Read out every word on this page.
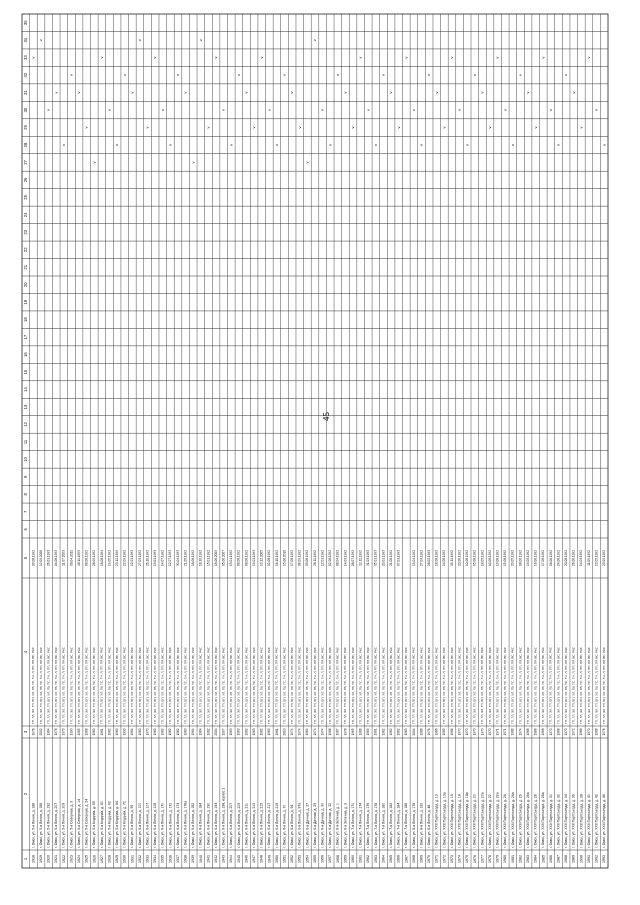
45
1
2
3
4
5
6
7
8
9
10
11
12
13
14
15
16
17
18
19
20
21
22
23
24
25
26
27
28
29
30
31
32
33
34
35
1918
г. Омск, ул. 5-я Линия, д. 186
1976
ТП, ТЛ, ЭЛ, ТП, БП, ХЛ, ГВ, ТС, ТН, Л, ПП, ПР, ВС, РКС
03.06.1992
v
1919
г. Омск, ул. 5-я Линия, д. 188
2002
ТП, ТЛ, ЭЛ, ТП, БП, ХЛ, ГВ, ТС, ТН, Л, ПП, ПР, ВС, РКС
12.09.2006
v
1920
г. Омск, ул. 5-я Линия, д. 192
1964
ТП, ТЛ, ЭЛ, ТП, БП, ХЛ, ГВ, ТС, ТН, Л, ПП, ПР, ВС, РКС
26.01.1993
v
1921
г. Омск, ул. 5-я Линия, д. 207
1976
ТП, ТЛ, ЭЛ, ТП, БП, ХЛ, ГВ, ТС, ТН, Л, ПП, ПР, ВС, РКС
04.08.1993
v
1922
г. Омск, ул. 5-я Линия, д. 209
1973
ТП, ТЛ, ЭЛ, ТП, БП, ХЛ, ГВ, ТС, ТН, Л, ПП, ПР, ВС, РКС
11.07.2003
v
1923
г. Омск, ул. 5-я Северная, д. 3
1990
ТП, ТЛ, ЭЛ, ТП, БП, ХЛ, ГВ, ТС, ТН, Л, ПП, ПР, ВС, РКС
06.04.2011
v
1924
г. Омск, ул. 5-я Северная, д. 14
1985
ТП, ТЛ, ЭЛ, ТП, БП, ХЛ, ГВ, ТС, ТН, Л, ПП, ПР, ВС, РКС
16.11.1993
v
1925
г. Омск, ул. 5-я Северная, д. 24
1968
ТП, ТЛ, ЭЛ, ТП, БП, ХЛ, ГВ, ТС, ТН, Л, ПП, ПР, ВС, РКС
08.06.1992
v
1926
г. Омск, ул. 5-я Кордная, д. 5б
1960
ТП, ТЛ, ЭЛ, ТП, БП, ХЛ, ГВ, ТС, ТН, Л, ПП, ПР, ВС, РКС
28.09.1992
v
1927
г. Омск, ул. 5-я Кордная, д. 60
1961
ТП, ТЛ, ЭЛ, ТП, БП, ХЛ, ГВ, ТС, ТН, Л, ПП, ПР, ВС, РКС
18.08.1994
v
1928
г. Омск, ул. 5-я Кордная, д. 62
1962
ТП, ТЛ, ЭЛ, ТП, БП, ХЛ, ГВ, ТС, ТН, Л, ПП, ПР, ВС, РКС
19.05.1992
v
1929
г. Омск, ул. 5-я Кордная, д. 64
1963
ТП, ТЛ, ЭЛ, ТП, БП, ХЛ, ГВ, ТС, ТН, Л, ПП, ПР, ВС, РКС
23.12.1999
v
1930
г. Омск, ул. 5-я Кордная, д. 72
1990
ТП, ТЛ, ЭЛ, ТП, БП, ХЛ, ГВ, ТС, ТН, Л, ПП, ПР, ВС, РКС
22.09.1992
v
1931
г. Омск, ул. 5-я Линия, д. 95
1964
ТП, ТЛ, ЭЛ, ТП, БП, ХЛ, ГВ, ТС, ТН, Л, ПП, ПР, ВС, РКС
12.01.1993
v
1932
г. Омск, ул. 6-я Линия, д. 100
1960
ТП, ТЛ, ЭЛ, ТП, БП, ХЛ, ГВ, ТС, ТН, Л, ПП, ПР, ВС, РКС
27.03.1992
v
1933
г. Омск, ул. 6-я Линия, д. 107
1970
ТП, ТЛ, ЭЛ, ТП, БП, ХЛ, ГВ, ТС, ТН, Л, ПП, ПР, ВС, РКС
26.10.1992
v
1934
г. Омск, ул. 6-я Линия, д. 108
1960
ТП, ТЛ, ЭЛ, ТП, БП, ХЛ, ГВ, ТС, ТН, Л, ПП, ПР, ВС, РКС
13.01.1993
v
1935
г. Омск, ул. 6-я Линия, д. 170
1962
ТП, ТЛ, ЭЛ, ТП, БП, ХЛ, ГВ, ТС, ТН, Л, ПП, ПР, ВС, РКС
14.07.1992
v
1936
г. Омск, ул. 6-я Линия, д. 172
1962
ТП, ТЛ, ЭЛ, ТП, БП, ХЛ, ГВ, ТС, ТН, Л, ПП, ПР, ВС, РКС
12.07.1993
v
1937
г. Омск, ул. 6-я Линия, д. 174
1962
ТП, ТЛ, ЭЛ, ТП, БП, ХЛ, ГВ, ТС, ТН, Л, ПП, ПР, ВС, РКС
30.04.1993
v
1938
г. Омск, ул. 6-я Линия, д. 176а
1963
ТП, ТЛ, ЭЛ, ТП, БП, ХЛ, ГВ, ТС, ТН, Л, ПП, ПР, ВС, РКС
21.05.1992
v
1939
г. Омск, ул. 6-я Линия, д. 182
1964
ТП, ТЛ, ЭЛ, ТП, БП, ХЛ, ГВ, ТС, ТН, Л, ПП, ПР, ВС, РКС
18.08.1992
v
1940
г. Омск, ул. 6-я Линия, д. 184
1964
ТП, ТЛ, ЭЛ, ТП, БП, ХЛ, ГВ, ТС, ТН, Л, ПП, ПР, ВС, РКС
18.10.1992
v
1941
г. Омск, ул. 6-я Линия, д. 190
1962
ТП, ТЛ, ЭЛ, ТП, БП, ХЛ, ГВ, ТС, ТН, Л, ПП, ПР, ВС, РКС
15.01.1992
v
1942
г. Омск, ул. 6-я Линия, д. 194
2004
ТП, ТЛ, ЭЛ, ТП, БП, ХЛ, ГВ, ТС, ТН, Л, ПП, ПР, ВС, РКС
18.06.2009
v
1943
г. Омск, ул. 6-я Линия, д. 198, корпус 2
1997
ТП, ТЛ, ЭЛ, ТП, БП, ХЛ, ГВ, ТС, ТН, Л, ПП, ПР, ВС, РКС
05.06.2007
v
1944
г. Омск, ул. 6-я Линия, д. 207
1963
ТП, ТЛ, ЭЛ, ТП, БП, ХЛ, ГВ, ТС, ТН, Л, ПП, ПР, ВС, РКС
13.01.1992
v
1945
г. Омск, ул. 6-я Линия, д. 209
1963
ТП, ТЛ, ЭЛ, ТП, БП, ХЛ, ГВ, ТС, ТН, Л, ПП, ПР, ВС, РКС
08.06.1992
v
1946
г. Омск, ул. 6-я Линия, д. 211
1962
ТП, ТЛ, ЭЛ, ТП, БП, ХЛ, ГВ, ТС, ТН, Л, ПП, ПР, ВС, РКС
08.06.1992
v
1947
г. Омск, ул. 6-я Линия, д. 213
1963
ТП, ТЛ, ЭЛ, ТП, БП, ХЛ, ГВ, ТС, ТН, Л, ПП, ПР, ВС, РКС
19.01.1993
v
1948
г. Омск, ул. 6-я Линия, д. 215
1962
ТП, ТЛ, ЭЛ, ТП, БП, ХЛ, ГВ, ТС, ТН, Л, ПП, ПР, ВС, РКС
13.12.2005
v
1949
г. Омск, ул. 6-я Линия, д. 217
1963
ТП, ТЛ, ЭЛ, ТП, БП, ХЛ, ГВ, ТС, ТН, Л, ПП, ПР, ВС, РКС
02.08.1992
v
1950
г. Омск, ул. 6-я Линия, д. 219
1961
ТП, ТЛ, ЭЛ, ТП, БП, ХЛ, ГВ, ТС, ТН, Л, ПП, ПР, ВС, РКС
16.10.1992
v
1951
г. Омск, ул. 6-я Линия, д. 70
2010
ТП, ТЛ, ЭЛ, ТП, БП, ХЛ, ГВ, ТС, ТН, Л, ПП, ПР, ВС, РКС
15.06.2010
v
1952
г. Омск, ул. 6-я Линия, д. 94
1974
ТП, ТЛ, ЭЛ, ТП, БП, ХЛ, ГВ, ТС, ТН, Л, ПП, ПР, ВС, РКС
17.08.1992
v
1953
г. Омск, ул. 6-я Линия, д. 97а
1974
ТП, ТЛ, ЭЛ, ТП, БП, ХЛ, ГВ, ТС, ТН, Л, ПП, ПР, ВС, РКС
08.09.1992
v
1954
г. Омск, ул. 6-я Дачная, д. 27
1964
ТП, ТЛ, ЭЛ, ТП, БП, ХЛ, ГВ, ТС, ТН, Л, ПП, ПР, ВС, РКС
03.08.1992
v
1955
г. Омск, ул. 6-я Дачная, д. 29
1974
ТП, ТЛ, ЭЛ, ТП, БП, ХЛ, ГВ, ТС, ТН, Л, ПП, ПР, ВС, РКС
26.11.1992
v
1956
г. Омск, ул. 6-я Дачная, д. 30
1974
ТП, ТЛ, ЭЛ, ТП, БП, ХЛ, ГВ, ТС, ТН, Л, ПП, ПР, ВС, РКС
12.01.1992
v
1957
г. Омск, ул. 6-я Дачная, д. 32
1966
ТП, ТЛ, ЭЛ, ТП, БП, ХЛ, ГВ, ТС, ТН, Л, ПП, ПР, ВС, РКС
02.06.1992
v
1958
г. Омск, ул. 6-я Зеленая, д. 1
1967
ТП, ТЛ, ЭЛ, ТП, БП, ХЛ, ГВ, ТС, ТН, Л, ПП, ПР, ВС, РКС
08.04.1992
v
1959
г. Омск, ул. 6-я Зеленая, д. 3
1978
ТП, ТЛ, ЭЛ, ТП, БП, ХЛ, ГВ, ТС, ТН, Л, ПП, ПР, ВС, РКС
14.03.1992
v
1960
г. Омск, ул. 7-я Линия, д. 170
1965
ТП, ТЛ, ЭЛ, ТП, БП, ХЛ, ГВ, ТС, ТН, Л, ПП, ПР, ВС, РКС
08.07.1992
v
1961
г. Омск, ул. 7-я Линия, д. 174
1968
ТП, ТЛ, ЭЛ, ТП, БП, ХЛ, ГВ, ТС, ТН, Л, ПП, ПР, ВС, РКС
12.11.1992
v
1962
г. Омск, ул. 7-я Линия, д. 176
1963
ТП, ТЛ, ЭЛ, ТП, БП, ХЛ, ГВ, ТС, ТН, Л, ПП, ПР, ВС, РКС
31.03.1993
v
1963
г. Омск, ул. 7-я Линия, д. 178
1961
ТП, ТЛ, ЭЛ, ТП, БП, ХЛ, ГВ, ТС, ТН, Л, ПП, ПР, ВС, РКС
05.01.1993
v
1964
г. Омск, ул. 7-я Линия, д. 180
1962
ТП, ТЛ, ЭЛ, ТП, БП, ХЛ, ГВ, ТС, ТН, Л, ПП, ПР, ВС, РКС
20.01.1993
v
1965
г. Омск, ул. 7-я Линия, д. 182
1962
ТП, ТЛ, ЭЛ, ТП, БП, ХЛ, ГВ, ТС, ТН, Л, ПП, ПР, ВС, РКС
21.08.1992
v
1966
г. Омск, ул. 7-я Линия, д. 184
1962
ТП, ТЛ, ЭЛ, ТП, БП, ХЛ, ГВ, ТС, ТН, Л, ПП, ПР, ВС, РКС
07.01.1993
v
1967
г. Омск, ул. 7-я Линия, д. 186
1963
ТП, ТЛ, ЭЛ, ТП, БП, ХЛ, ГВ, ТС, ТН, Л, ПП, ПР, ВС, РКС
v
1968
г. Омск, ул. 8-я Линия, д. 178
2004
ТП, ТЛ, ЭЛ, ТП, БП, ХЛ, ГВ, ТС, ТН, Л, ПП, ПР, ВС, РКС
13.04.1992
v
1969
г. Омск, ул. 8-я Линия, д. 192
1988
ТП, ТЛ, ЭЛ, ТП, БП, ХЛ, ГВ, ТС, ТН, Л, ПП, ПР, ВС, РКС
27.03.1992
v
1970
г. Омск, ул. 8-я Линия, д. 48
1976
ТП, ТЛ, ЭЛ, ТП, БП, ХЛ, ГВ, ТС, ТН, Л, ПП, ПР, ВС, РКС
28.02.1993
v
1971
г. Омск, ул. XXII Партсъезда, д. 13
1966
ТП, ТЛ, ЭЛ, ТП, БП, ХЛ, ГВ, ТС, ТН, Л, ПП, ПР, ВС, РКС
18.08.1992
v
1972
г. Омск, ул. XXII Партсъезда, д. 13а
1985
ТП, ТЛ, ЭЛ, ТП, БП, ХЛ, ГВ, ТС, ТН, Л, ПП, ПР, ВС, РКС
14.06.1992
v
1973
г. Омск, ул. XXII Партсъезда, д. 16
1966
ТП, ТЛ, ЭЛ, ТП, БП, ХЛ, ГВ, ТС, ТН, Л, ПП, ПР, ВС, РКС
05.11.1992
v
1974
г. Омск, ул. XXII Партсъезда, д. 18
1970
ТП, ТЛ, ЭЛ, ТП, БП, ХЛ, ГВ, ТС, ТН, Л, ПП, ПР, ВС, РКС
20.06.1992
v
1975
г. Омск, ул. XXII Партсъезда, д. 18а
1970
ТП, ТЛ, ЭЛ, ТП, БП, ХЛ, ГВ, ТС, ТН, Л, ПП, ПР, ВС, РКС
10.08.1992
v
1976
г. Омск, ул. XXII Партсъезда, д. 20
1970
ТП, ТЛ, ЭЛ, ТП, БП, ХЛ, ГВ, ТС, ТН, Л, ПП, ПР, ВС, РКС
05.08.1992
v
1977
г. Омск, ул. XXII Партсъезда, д. 20а
1970
ТП, ТЛ, ЭЛ, ТП, БП, ХЛ, ГВ, ТС, ТН, Л, ПП, ПР, ВС, РКС
18.05.1992
v
1978
г. Омск, ул. XXII Партсъезда, д. 22
1970
ТП, ТЛ, ЭЛ, ТП, БП, ХЛ, ГВ, ТС, ТН, Л, ПП, ПР, ВС, РКС
10.06.1992
v
1979
г. Омск, ул. XXII Партсъезда, д. 22а
1971
ТП, ТЛ, ЭЛ, ТП, БП, ХЛ, ГВ, ТС, ТН, Л, ПП, ПР, ВС, РКС
13.08.1992
v
1980
г. Омск, ул. XXII Партсъезда, д. 24
1971
ТП, ТЛ, ЭЛ, ТП, БП, ХЛ, ГВ, ТС, ТН, Л, ПП, ПР, ВС, РКС
15.08.1992
v
1981
г. Омск, ул. XXII Партсъезда, д. 24а
1968
ТП, ТЛ, ЭЛ, ТП, БП, ХЛ, ГВ, ТС, ТН, Л, ПП, ПР, ВС, РКС
20.05.1992
v
1982
г. Омск, ул. XXII Партсъезда, д. 26
1974
ТП, ТЛ, ЭЛ, ТП, БП, ХЛ, ГВ, ТС, ТН, Л, ПП, ПР, ВС, РКС
08.06.1992
v
1983
г. Омск, ул. XXII Партсъезда, д. 26а
1968
ТП, ТЛ, ЭЛ, ТП, БП, ХЛ, ГВ, ТС, ТН, Л, ПП, ПР, ВС, РКС
19.05.1992
v
1984
г. Омск, ул. XXII Партсъезда, д. 28
1968
ТП, ТЛ, ЭЛ, ТП, БП, ХЛ, ГВ, ТС, ТН, Л, ПП, ПР, ВС, РКС
16.06.1992
v
1985
г. Омск, ул. XXII Партсъезда, д. 28а
1968
ТП, ТЛ, ЭЛ, ТП, БП, ХЛ, ГВ, ТС, ТН, Л, ПП, ПР, ВС, РКС
17.08.1992
v
1986
г. Омск, ул. XXII Партсъезда, д. 30
1970
ТП, ТЛ, ЭЛ, ТП, БП, ХЛ, ГВ, ТС, ТН, Л, ПП, ПР, ВС, РКС
16.06.1992
v
1987
г. Омск, ул. XXII Партсъезда, д. 32
1968
ТП, ТЛ, ЭЛ, ТП, БП, ХЛ, ГВ, ТС, ТН, Л, ПП, ПР, ВС, РКС
24.06.1992
v
1988
г. Омск, ул. XXII Партсъезда, д. 34
1970
ТП, ТЛ, ЭЛ, ТП, БП, ХЛ, ГВ, ТС, ТН, Л, ПП, ПР, ВС, РКС
20.08.1992
v
1989
г. Омск, ул. XXII Партсъезда, д. 36
1972
ТП, ТЛ, ЭЛ, ТП, БП, ХЛ, ГВ, ТС, ТН, Л, ПП, ПР, ВС, РКС
26.06.1992
v
1990
г. Омск, ул. XXII Партсъезда, д. 38
1968
ТП, ТЛ, ЭЛ, ТП, БП, ХЛ, ГВ, ТС, ТН, Л, ПП, ПР, ВС, РКС
14.03.1992
v
1991
г. Омск, ул. XXII Партсъезда, д. 40
1970
ТП, ТЛ, ЭЛ, ТП, БП, ХЛ, ГВ, ТС, ТН, Л, ПП, ПР, ВС, РКС
11.05.1992
v
1992
г. Омск, ул. XXII Партсъезда, д. 42
1968
ТП, ТЛ, ЭЛ, ТП, БП, ХЛ, ГВ, ТС, ТН, Л, ПП, ПР, ВС, РКС
13.05.1992
v
1993
г. Омск, ул. XXII Партсъезда, д. 44
1976
ТП, ТЛ, ЭЛ, ТП, БП, ХЛ, ГВ, ТС, ТН, Л, ПП, ПР, ВС, РКС
23.09.1992
v
